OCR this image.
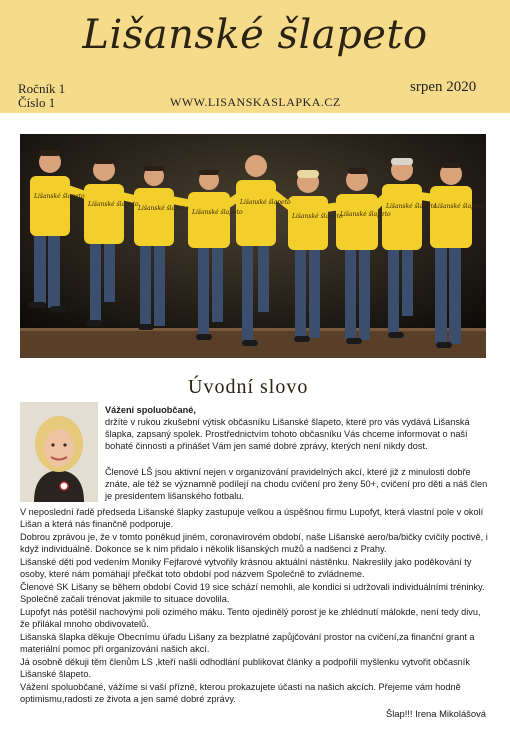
Lišanské šlapeto
Ročník 1
Číslo 1	WWW.LISANSKASLAPKA.CZ
srpen 2020
Lišanské šlapeto
Lišanské šlapeto
Lišanské šlapeto
Lišanské šlapeto
Lišanské šlapeto
Lišanské šlapeto
Lišanské šlapeto
Lišanské šlapeto
Lišanské šlapeto
Úvodní slovo
Vážení spoluobčané,
držíte v rukou zkušební výtisk občasníku Lišanské šlapeto, které pro vás vydává Lišanská šlapka, zapsaný spolek. Prostřednictvím tohoto občasníku Vás chceme informovat o naší bohaté činnosti a přinášet Vám jen samé dobré zprávy, kterých není nikdy dost.
Členové LŠ jsou aktivní nejen v organizování pravidelných akcí, které již z minulosti dobře znáte, ale též se významně podílejí na chodu cvičení pro ženy 50+, cvičení pro děti a náš člen je presidentem lišanského fotbalu.
V neposlední řadě předseda Lišanské šlapky zastupuje velkou a úspěšnou firmu Lupofyt, která vlastní pole v okolí Lišan a která nás finančně podporuje.
Dobrou zprávou je, že v tomto poněkud jiném, coronavirovém období, naše Lišanské aero/ba/bičky cvičily poctivě, i když individuálně. Dokonce se k nim přidalo i několik lišanských mužů a nadšenci z Prahy.
Lišanské děti pod vedením Moniky Fejfarové vytvořily krásnou aktuální nástěnku. Nakreslily jako poděkování ty osoby, které nám pomáhají přečkat toto období pod názvem Společně to zvládneme.
Členové SK Lišany se během období Covid 19 sice schází nemohli, ale kondici si udržovali individuálními tréninky. Společně začali trénovat jakmile to situace dovolila.
Lupofyt nás potěšil nachovými poli ozimého máku. Tento ojedinělý porost je ke zhlédnutí málokde, není tedy divu, že přilákal mnoho obdivovatelů.
Lišanská šlapka děkuje Obecnímu úřadu Lišany za bezplatné zapůjčování prostor na cvičení,za finanční grant a materiální pomoc při organizování našich akcí.
Já osobně děkuji těm členům LS ,kteří našli odhodlání publikovat články a podpořili myšlenku vytvořit občasník Lišanské šlapeto.
Vážení spoluobčané, vážíme si vaší přízně, kterou prokazujete účastí na našich akcích. Přejeme vám hodně optimismu,radosti ze života a jen samé dobré zprávy.
Šlap!!! Irena Mikolášová
